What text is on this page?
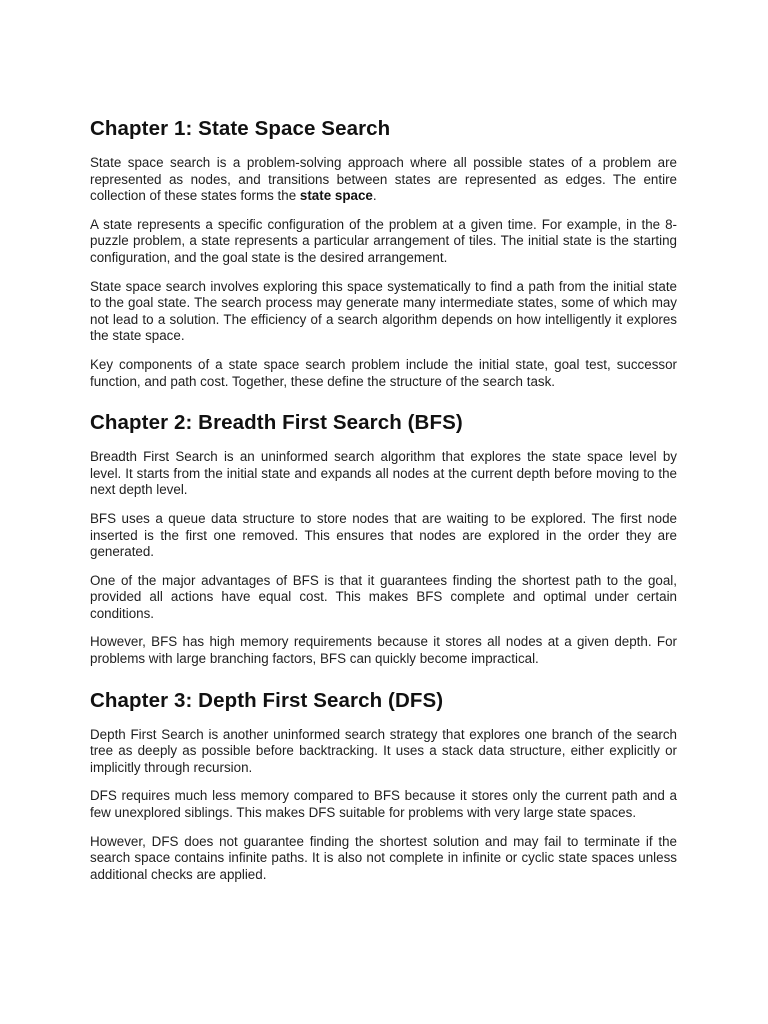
Chapter 1: State Space Search

State space search is a problem-solving approach where all possible states of a problem are represented as nodes, and transitions between states are represented as edges. The entire collection of these states forms the state space.

A state represents a specific configuration of the problem at a given time. For example, in the 8-puzzle problem, a state represents a particular arrangement of tiles. The initial state is the starting configuration, and the goal state is the desired arrangement.

State space search involves exploring this space systematically to find a path from the initial state to the goal state. The search process may generate many intermediate states, some of which may not lead to a solution. The efficiency of a search algorithm depends on how intelligently it explores the state space.

Key components of a state space search problem include the initial state, goal test, successor function, and path cost. Together, these define the structure of the search task.

Chapter 2: Breadth First Search (BFS)

Breadth First Search is an uninformed search algorithm that explores the state space level by level. It starts from the initial state and expands all nodes at the current depth before moving to the next depth level.

BFS uses a queue data structure to store nodes that are waiting to be explored. The first node inserted is the first one removed. This ensures that nodes are explored in the order they are generated.

One of the major advantages of BFS is that it guarantees finding the shortest path to the goal, provided all actions have equal cost. This makes BFS complete and optimal under certain conditions.

However, BFS has high memory requirements because it stores all nodes at a given depth. For problems with large branching factors, BFS can quickly become impractical.

Chapter 3: Depth First Search (DFS)

Depth First Search is another uninformed search strategy that explores one branch of the search tree as deeply as possible before backtracking. It uses a stack data structure, either explicitly or implicitly through recursion.

DFS requires much less memory compared to BFS because it stores only the current path and a few unexplored siblings. This makes DFS suitable for problems with very large state spaces.

However, DFS does not guarantee finding the shortest solution and may fail to terminate if the search space contains infinite paths. It is also not complete in infinite or cyclic state spaces unless additional checks are applied.
